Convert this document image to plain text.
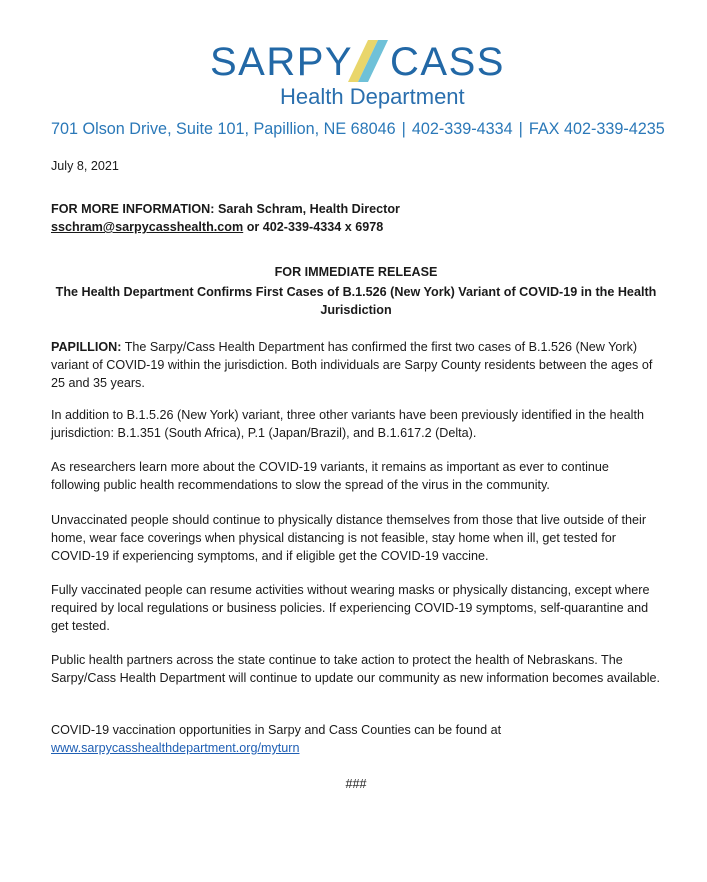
SARPY CASS
Health Department
701 Olson Drive, Suite 101, Papillion, NE 68046 | 402-339-4334 | FAX 402-339-4235
July 8, 2021
FOR MORE INFORMATION: Sarah Schram, Health Director
sschram@sarpycasshealth.com or 402-339-4334 x 6978
FOR IMMEDIATE RELEASE
The Health Department Confirms First Cases of B.1.526 (New York) Variant of COVID-19 in the Health Jurisdiction
PAPILLION: The Sarpy/Cass Health Department has confirmed the first two cases of B.1.526 (New York) variant of COVID-19 within the jurisdiction. Both individuals are Sarpy County residents between the ages of 25 and 35 years.
In addition to B.1.5.26 (New York) variant, three other variants have been previously identified in the health jurisdiction: B.1.351 (South Africa), P.1 (Japan/Brazil), and B.1.617.2 (Delta).
As researchers learn more about the COVID-19 variants, it remains as important as ever to continue following public health recommendations to slow the spread of the virus in the community.
Unvaccinated people should continue to physically distance themselves from those that live outside of their home, wear face coverings when physical distancing is not feasible, stay home when ill, get tested for COVID-19 if experiencing symptoms, and if eligible get the COVID-19 vaccine.
Fully vaccinated people can resume activities without wearing masks or physically distancing, except where required by local regulations or business policies. If experiencing COVID-19 symptoms, self-quarantine and get tested.
Public health partners across the state continue to take action to protect the health of Nebraskans. The Sarpy/Cass Health Department will continue to update our community as new information becomes available.
COVID-19 vaccination opportunities in Sarpy and Cass Counties can be found at
www.sarpycasshealthdepartment.org/myturn
###
